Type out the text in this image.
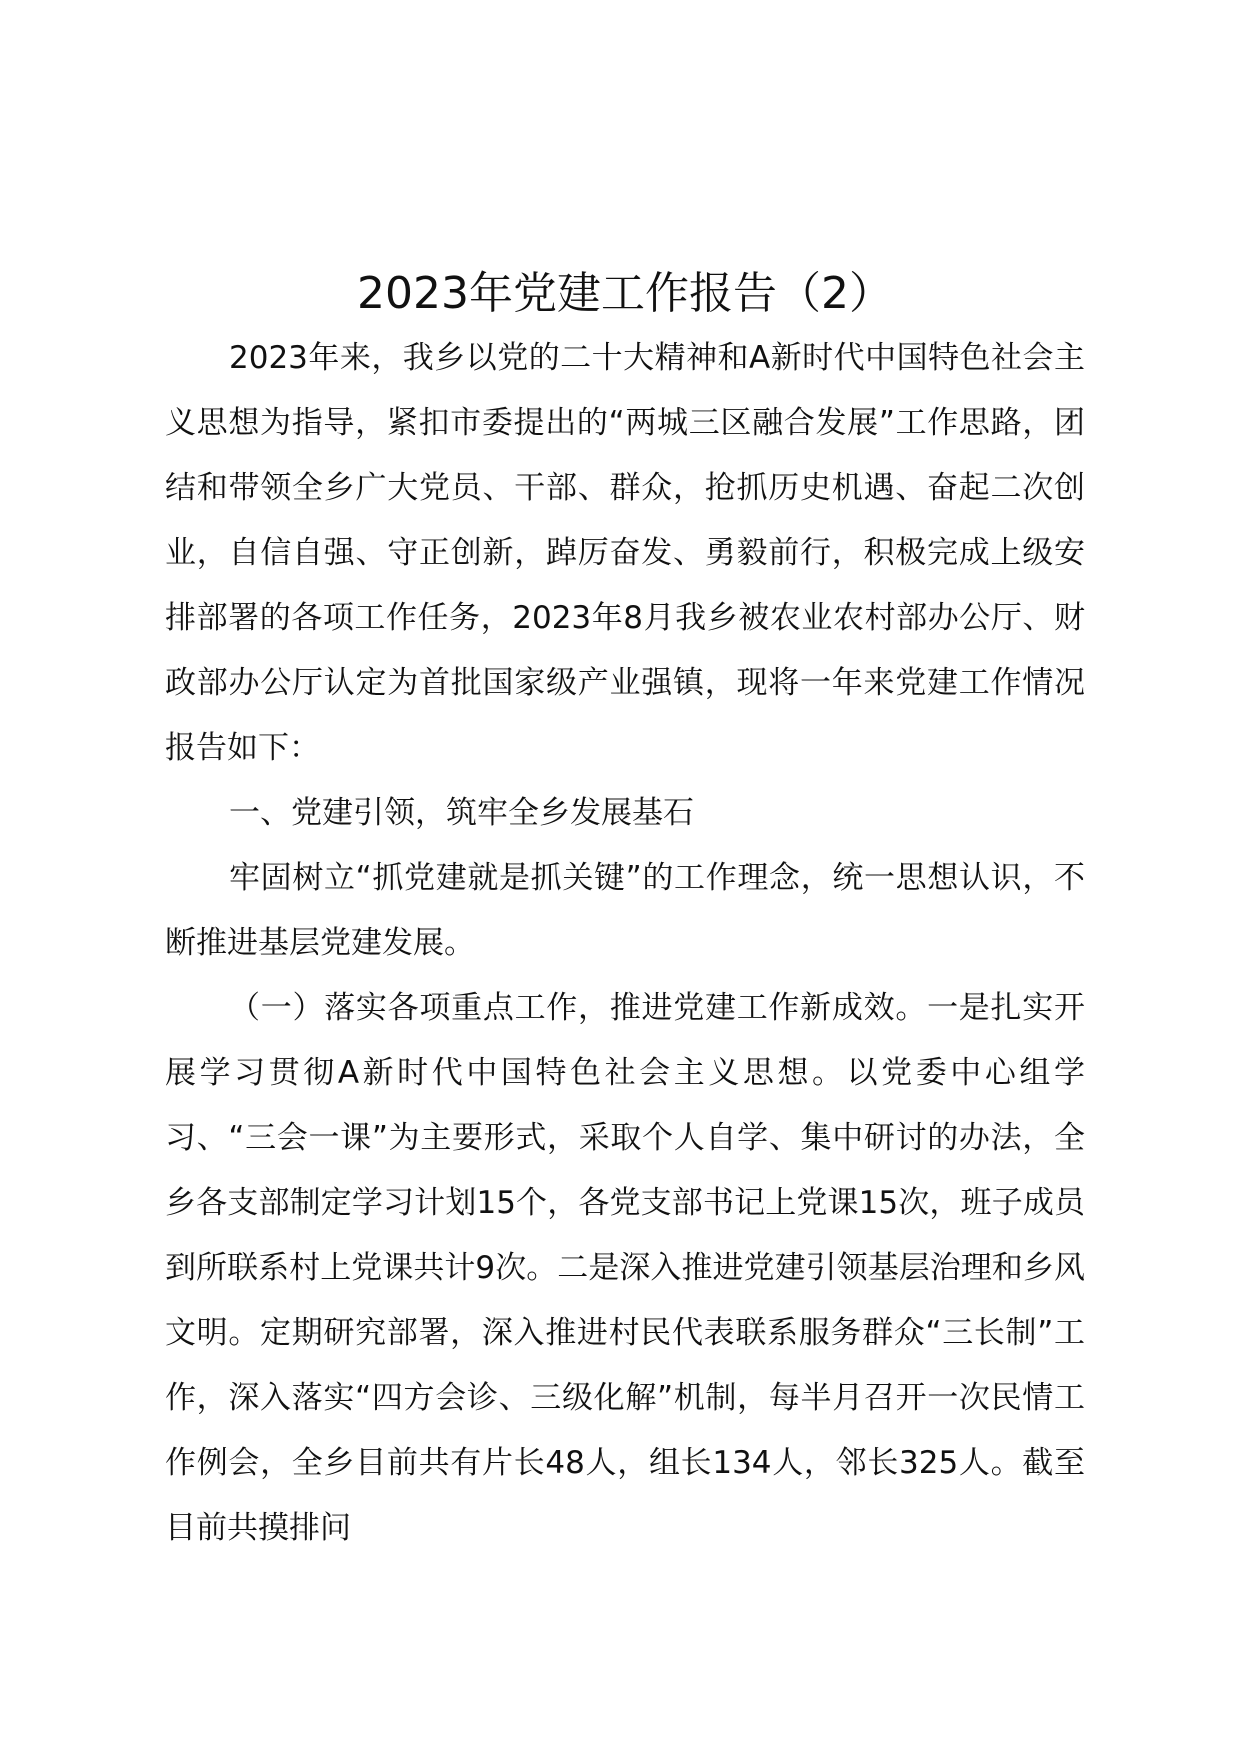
2023年党建工作报告（2）

2023年来，我乡以党的二十大精神和A新时代中国特色社会主义思想为指导，紧扣市委提出的“两城三区融合发展”工作思路，团结和带领全乡广大党员、干部、群众，抢抓历史机遇、奋起二次创业，自信自强、守正创新，踔厉奋发、勇毅前行，积极完成上级安排部署的各项工作任务，2023年8月我乡被农业农村部办公厅、财政部办公厅认定为首批国家级产业强镇，现将一年来党建工作情况报告如下：

一、党建引领，筑牢全乡发展基石

牢固树立“抓党建就是抓关键”的工作理念，统一思想认识，不断推进基层党建发展。

（一）落实各项重点工作，推进党建工作新成效。一是扎实开展学习贯彻A新时代中国特色社会主义思想。以党委中心组学习、“三会一课”为主要形式，采取个人自学、集中研讨的办法，全乡各支部制定学习计划15个，各党支部书记上党课15次，班子成员到所联系村上党课共计9次。二是深入推进党建引领基层治理和乡风文明。定期研究部署，深入推进村民代表联系服务群众“三长制”工作，深入落实“四方会诊、三级化解”机制，每半月召开一次民情工作例会，全乡目前共有片长48人，组长134人，邻长325人。截至目前共摸排问
